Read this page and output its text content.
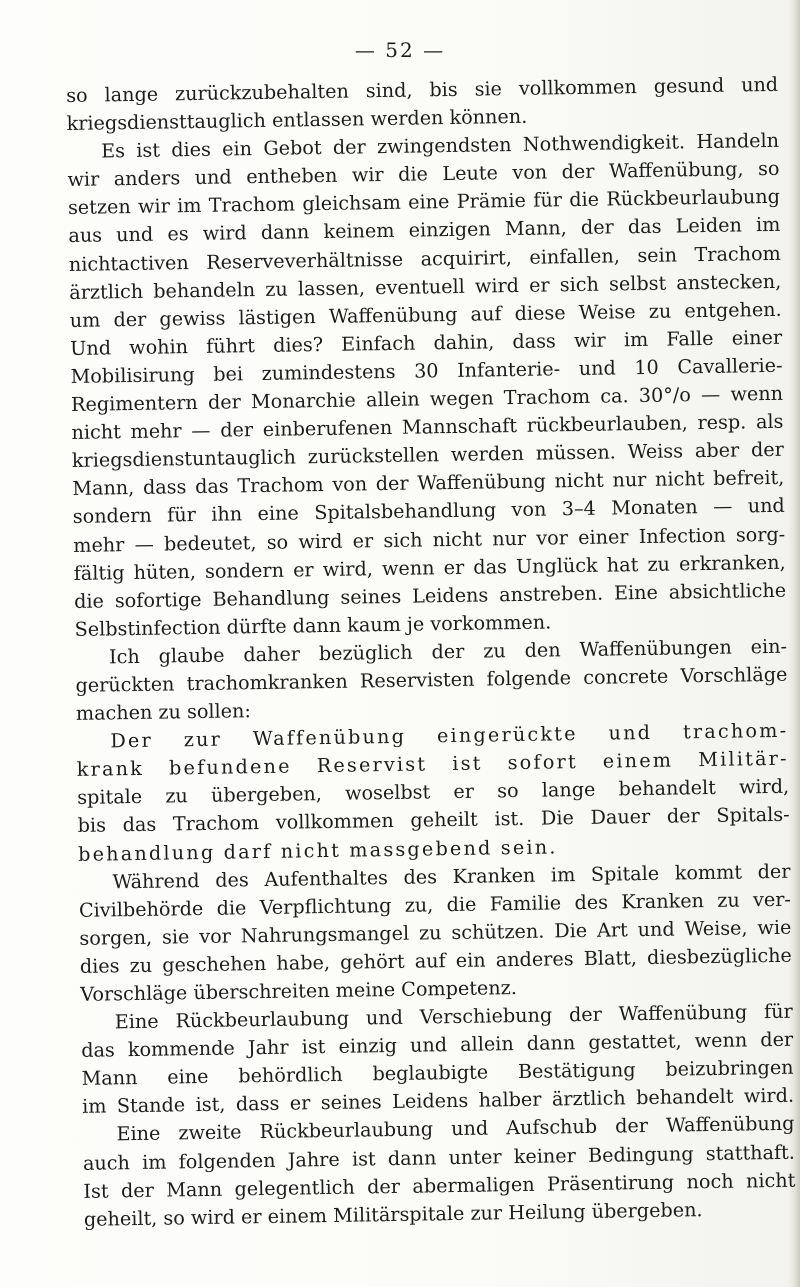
— 52 —
so lange zurückzubehalten sind, bis sie vollkommen gesund und
kriegsdiensttauglich entlassen werden können.
Es ist dies ein Gebot der zwingendsten Nothwendigkeit. Handeln
wir anders und entheben wir die Leute von der Waffenübung, so
setzen wir im Trachom gleichsam eine Prämie für die Rückbeurlaubung
aus und es wird dann keinem einzigen Mann, der das Leiden im
nichtactiven Reserveverhältnisse acquirirt, einfallen, sein Trachom
ärztlich behandeln zu lassen, eventuell wird er sich selbst anstecken,
um der gewiss lästigen Waffenübung auf diese Weise zu entgehen.
Und wohin führt dies? Einfach dahin, dass wir im Falle einer
Mobilisirung bei zumindestens 30 Infanterie- und 10 Cavallerie-
Regimentern der Monarchie allein wegen Trachom ca. 30°/o — wenn
nicht mehr — der einberufenen Mannschaft rückbeurlauben, resp. als
kriegsdienstuntauglich zurückstellen werden müssen. Weiss aber der
Mann, dass das Trachom von der Waffenübung nicht nur nicht befreit,
sondern für ihn eine Spitalsbehandlung von 3–4 Monaten — und
mehr — bedeutet, so wird er sich nicht nur vor einer Infection sorg-
fältig hüten, sondern er wird, wenn er das Unglück hat zu erkranken,
die sofortige Behandlung seines Leidens anstreben. Eine absichtliche
Selbstinfection dürfte dann kaum je vorkommen.
Ich glaube daher bezüglich der zu den Waffenübungen ein-
gerückten trachomkranken Reservisten folgende concrete Vorschläge
machen zu sollen:
Der zur Waffenübung eingerückte und trachom-
krank befundene Reservist ist sofort einem Militär-
spitale zu übergeben, woselbst er so lange behandelt wird,
bis das Trachom vollkommen geheilt ist. Die Dauer der Spitals-
behandlung darf nicht massgebend sein.
Während des Aufenthaltes des Kranken im Spitale kommt der
Civilbehörde die Verpflichtung zu, die Familie des Kranken zu ver-
sorgen, sie vor Nahrungsmangel zu schützen. Die Art und Weise, wie
dies zu geschehen habe, gehört auf ein anderes Blatt, diesbezügliche
Vorschläge überschreiten meine Competenz.
Eine Rückbeurlaubung und Verschiebung der Waffenübung für
das kommende Jahr ist einzig und allein dann gestattet, wenn der
Mann eine behördlich beglaubigte Bestätigung beizubringen
im Stande ist, dass er seines Leidens halber ärztlich behandelt wird.
Eine zweite Rückbeurlaubung und Aufschub der Waffenübung
auch im folgenden Jahre ist dann unter keiner Bedingung statthaft.
Ist der Mann gelegentlich der abermaligen Präsentirung noch nicht
geheilt, so wird er einem Militärspitale zur Heilung übergeben.
